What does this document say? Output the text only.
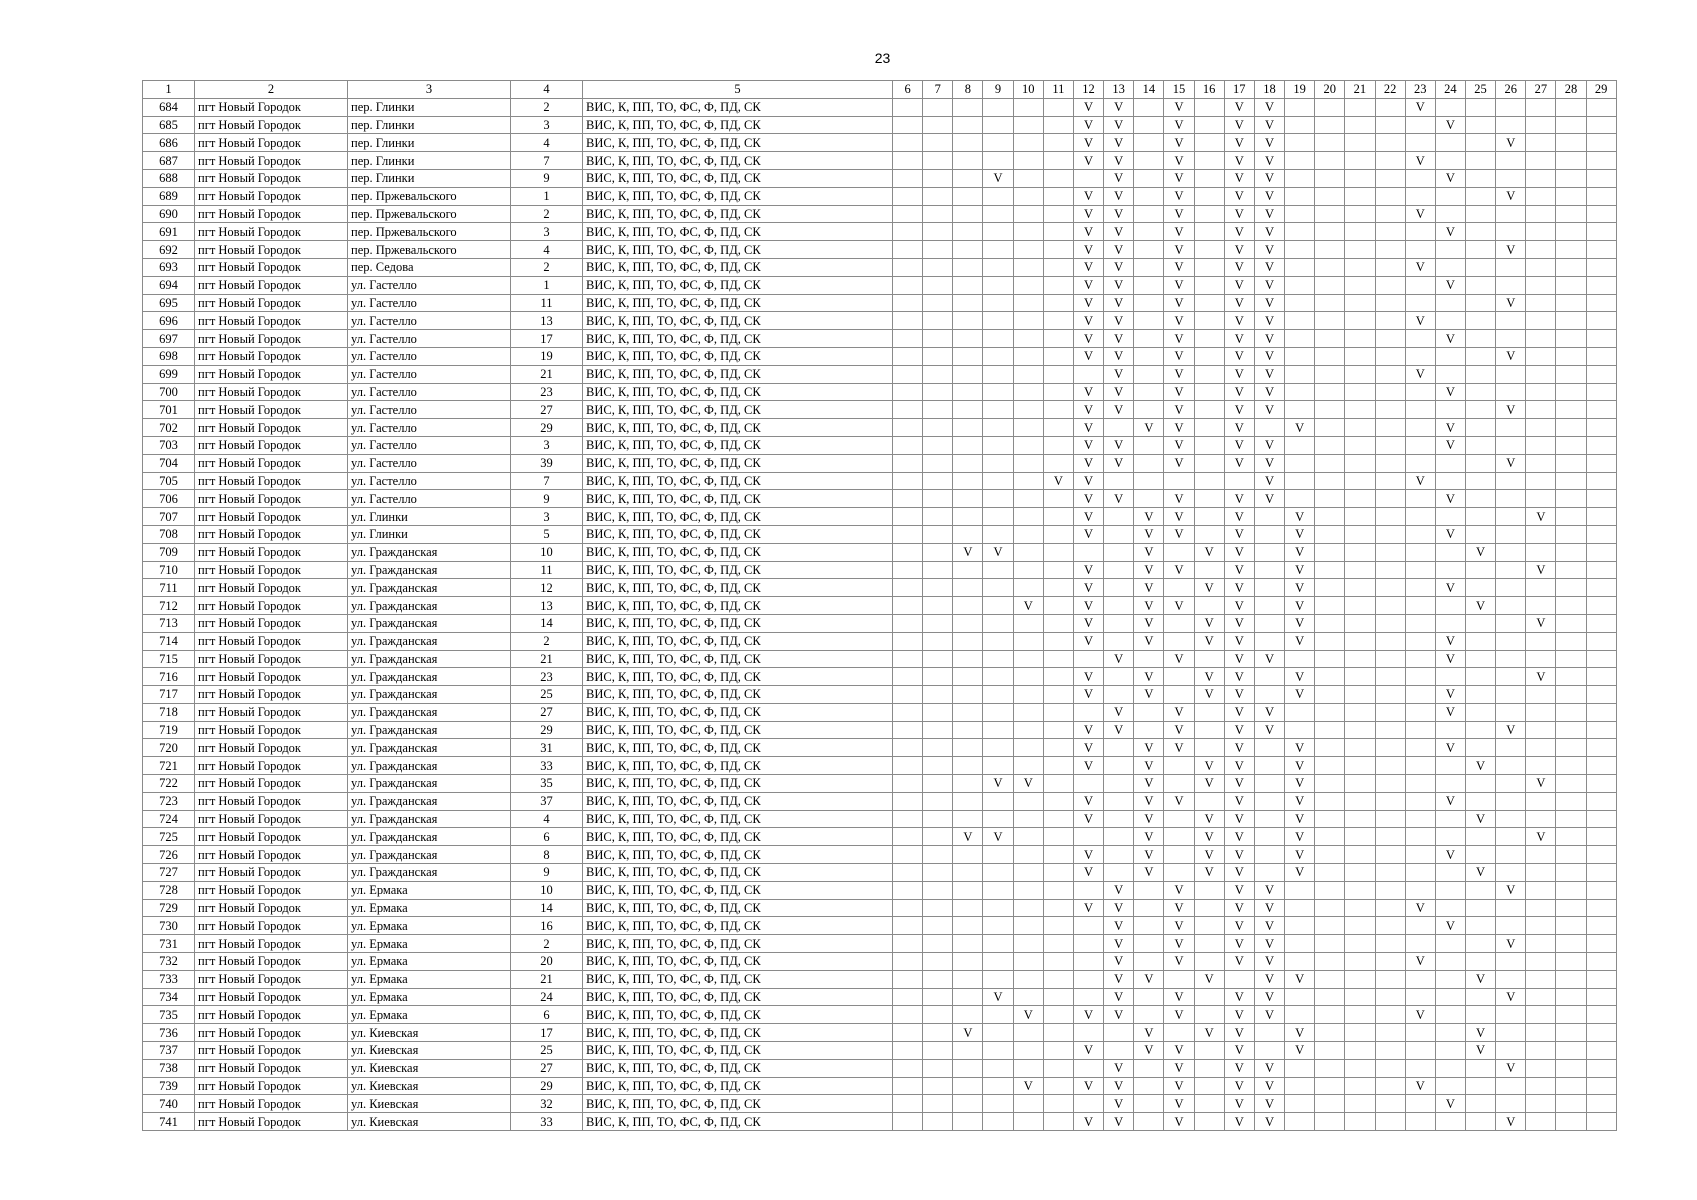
23
1	2	3	4	5	6	7	8	9	10	11	12	13	14	15	16	17	18	19	20	21	22	23	24	25	26	27	28	29
684	пгт Новый Городок	пер. Глинки	2	ВИС, К, ПП, ТО, ФС, Ф, ПД, СК							V	V		V		V	V					V						
685	пгт Новый Городок	пер. Глинки	3	ВИС, К, ПП, ТО, ФС, Ф, ПД, СК							V	V		V		V	V						V					
686	пгт Новый Городок	пер. Глинки	4	ВИС, К, ПП, ТО, ФС, Ф, ПД, СК							V	V		V		V	V								V			
687	пгт Новый Городок	пер. Глинки	7	ВИС, К, ПП, ТО, ФС, Ф, ПД, СК							V	V		V		V	V					V						
688	пгт Новый Городок	пер. Глинки	9	ВИС, К, ПП, ТО, ФС, Ф, ПД, СК				V				V		V		V	V						V					
689	пгт Новый Городок	пер. Пржевальского	1	ВИС, К, ПП, ТО, ФС, Ф, ПД, СК							V	V		V		V	V								V			
690	пгт Новый Городок	пер. Пржевальского	2	ВИС, К, ПП, ТО, ФС, Ф, ПД, СК							V	V		V		V	V					V						
691	пгт Новый Городок	пер. Пржевальского	3	ВИС, К, ПП, ТО, ФС, Ф, ПД, СК							V	V		V		V	V						V					
692	пгт Новый Городок	пер. Пржевальского	4	ВИС, К, ПП, ТО, ФС, Ф, ПД, СК							V	V		V		V	V								V			
693	пгт Новый Городок	пер. Седова	2	ВИС, К, ПП, ТО, ФС, Ф, ПД, СК							V	V		V		V	V					V						
694	пгт Новый Городок	ул. Гастелло	1	ВИС, К, ПП, ТО, ФС, Ф, ПД, СК							V	V		V		V	V						V					
695	пгт Новый Городок	ул. Гастелло	11	ВИС, К, ПП, ТО, ФС, Ф, ПД, СК							V	V		V		V	V								V			
696	пгт Новый Городок	ул. Гастелло	13	ВИС, К, ПП, ТО, ФС, Ф, ПД, СК							V	V		V		V	V					V						
697	пгт Новый Городок	ул. Гастелло	17	ВИС, К, ПП, ТО, ФС, Ф, ПД, СК							V	V		V		V	V						V					
698	пгт Новый Городок	ул. Гастелло	19	ВИС, К, ПП, ТО, ФС, Ф, ПД, СК							V	V		V		V	V								V			
699	пгт Новый Городок	ул. Гастелло	21	ВИС, К, ПП, ТО, ФС, Ф, ПД, СК								V		V		V	V					V						
700	пгт Новый Городок	ул. Гастелло	23	ВИС, К, ПП, ТО, ФС, Ф, ПД, СК							V	V		V		V	V						V					
701	пгт Новый Городок	ул. Гастелло	27	ВИС, К, ПП, ТО, ФС, Ф, ПД, СК							V	V		V		V	V								V			
702	пгт Новый Городок	ул. Гастелло	29	ВИС, К, ПП, ТО, ФС, Ф, ПД, СК							V		V	V		V		V					V					
703	пгт Новый Городок	ул. Гастелло	3	ВИС, К, ПП, ТО, ФС, Ф, ПД, СК							V	V		V		V	V						V					
704	пгт Новый Городок	ул. Гастелло	39	ВИС, К, ПП, ТО, ФС, Ф, ПД, СК							V	V		V		V	V								V			
705	пгт Новый Городок	ул. Гастелло	7	ВИС, К, ПП, ТО, ФС, Ф, ПД, СК						V	V						V					V						
706	пгт Новый Городок	ул. Гастелло	9	ВИС, К, ПП, ТО, ФС, Ф, ПД, СК							V	V		V		V	V						V					
707	пгт Новый Городок	ул. Глинки	3	ВИС, К, ПП, ТО, ФС, Ф, ПД, СК							V		V	V		V		V								V		
708	пгт Новый Городок	ул. Глинки	5	ВИС, К, ПП, ТО, ФС, Ф, ПД, СК							V		V	V		V		V					V					
709	пгт Новый Городок	ул. Гражданская	10	ВИС, К, ПП, ТО, ФС, Ф, ПД, СК			V	V					V		V	V		V						V				
710	пгт Новый Городок	ул. Гражданская	11	ВИС, К, ПП, ТО, ФС, Ф, ПД, СК							V		V	V		V		V								V		
711	пгт Новый Городок	ул. Гражданская	12	ВИС, К, ПП, ТО, ФС, Ф, ПД, СК							V		V		V	V		V					V					
712	пгт Новый Городок	ул. Гражданская	13	ВИС, К, ПП, ТО, ФС, Ф, ПД, СК					V		V		V	V		V		V						V				
713	пгт Новый Городок	ул. Гражданская	14	ВИС, К, ПП, ТО, ФС, Ф, ПД, СК							V		V		V	V		V								V		
714	пгт Новый Городок	ул. Гражданская	2	ВИС, К, ПП, ТО, ФС, Ф, ПД, СК							V		V		V	V		V					V					
715	пгт Новый Городок	ул. Гражданская	21	ВИС, К, ПП, ТО, ФС, Ф, ПД, СК								V		V		V	V						V					
716	пгт Новый Городок	ул. Гражданская	23	ВИС, К, ПП, ТО, ФС, Ф, ПД, СК							V		V		V	V		V								V		
717	пгт Новый Городок	ул. Гражданская	25	ВИС, К, ПП, ТО, ФС, Ф, ПД, СК							V		V		V	V		V					V					
718	пгт Новый Городок	ул. Гражданская	27	ВИС, К, ПП, ТО, ФС, Ф, ПД, СК								V		V		V	V						V					
719	пгт Новый Городок	ул. Гражданская	29	ВИС, К, ПП, ТО, ФС, Ф, ПД, СК							V	V		V		V	V								V			
720	пгт Новый Городок	ул. Гражданская	31	ВИС, К, ПП, ТО, ФС, Ф, ПД, СК							V		V	V		V		V					V					
721	пгт Новый Городок	ул. Гражданская	33	ВИС, К, ПП, ТО, ФС, Ф, ПД, СК							V		V		V	V		V						V				
722	пгт Новый Городок	ул. Гражданская	35	ВИС, К, ПП, ТО, ФС, Ф, ПД, СК				V	V				V		V	V		V								V		
723	пгт Новый Городок	ул. Гражданская	37	ВИС, К, ПП, ТО, ФС, Ф, ПД, СК							V		V	V		V		V					V					
724	пгт Новый Городок	ул. Гражданская	4	ВИС, К, ПП, ТО, ФС, Ф, ПД, СК							V		V		V	V		V						V				
725	пгт Новый Городок	ул. Гражданская	6	ВИС, К, ПП, ТО, ФС, Ф, ПД, СК			V	V					V		V	V		V								V		
726	пгт Новый Городок	ул. Гражданская	8	ВИС, К, ПП, ТО, ФС, Ф, ПД, СК							V		V		V	V		V					V					
727	пгт Новый Городок	ул. Гражданская	9	ВИС, К, ПП, ТО, ФС, Ф, ПД, СК							V		V		V	V		V						V				
728	пгт Новый Городок	ул. Ермака	10	ВИС, К, ПП, ТО, ФС, Ф, ПД, СК								V		V		V	V								V			
729	пгт Новый Городок	ул. Ермака	14	ВИС, К, ПП, ТО, ФС, Ф, ПД, СК							V	V		V		V	V					V						
730	пгт Новый Городок	ул. Ермака	16	ВИС, К, ПП, ТО, ФС, Ф, ПД, СК								V		V		V	V						V					
731	пгт Новый Городок	ул. Ермака	2	ВИС, К, ПП, ТО, ФС, Ф, ПД, СК								V		V		V	V								V			
732	пгт Новый Городок	ул. Ермака	20	ВИС, К, ПП, ТО, ФС, Ф, ПД, СК								V		V		V	V					V						
733	пгт Новый Городок	ул. Ермака	21	ВИС, К, ПП, ТО, ФС, Ф, ПД, СК								V	V		V		V	V						V				
734	пгт Новый Городок	ул. Ермака	24	ВИС, К, ПП, ТО, ФС, Ф, ПД, СК				V				V		V		V	V								V			
735	пгт Новый Городок	ул. Ермака	6	ВИС, К, ПП, ТО, ФС, Ф, ПД, СК					V		V	V		V		V	V					V						
736	пгт Новый Городок	ул. Киевская	17	ВИС, К, ПП, ТО, ФС, Ф, ПД, СК			V						V		V	V		V						V				
737	пгт Новый Городок	ул. Киевская	25	ВИС, К, ПП, ТО, ФС, Ф, ПД, СК							V		V	V		V		V						V				
738	пгт Новый Городок	ул. Киевская	27	ВИС, К, ПП, ТО, ФС, Ф, ПД, СК								V		V		V	V								V			
739	пгт Новый Городок	ул. Киевская	29	ВИС, К, ПП, ТО, ФС, Ф, ПД, СК					V		V	V		V		V	V					V						
740	пгт Новый Городок	ул. Киевская	32	ВИС, К, ПП, ТО, ФС, Ф, ПД, СК								V		V		V	V						V					
741	пгт Новый Городок	ул. Киевская	33	ВИС, К, ПП, ТО, ФС, Ф, ПД, СК							V	V		V		V	V								V			
